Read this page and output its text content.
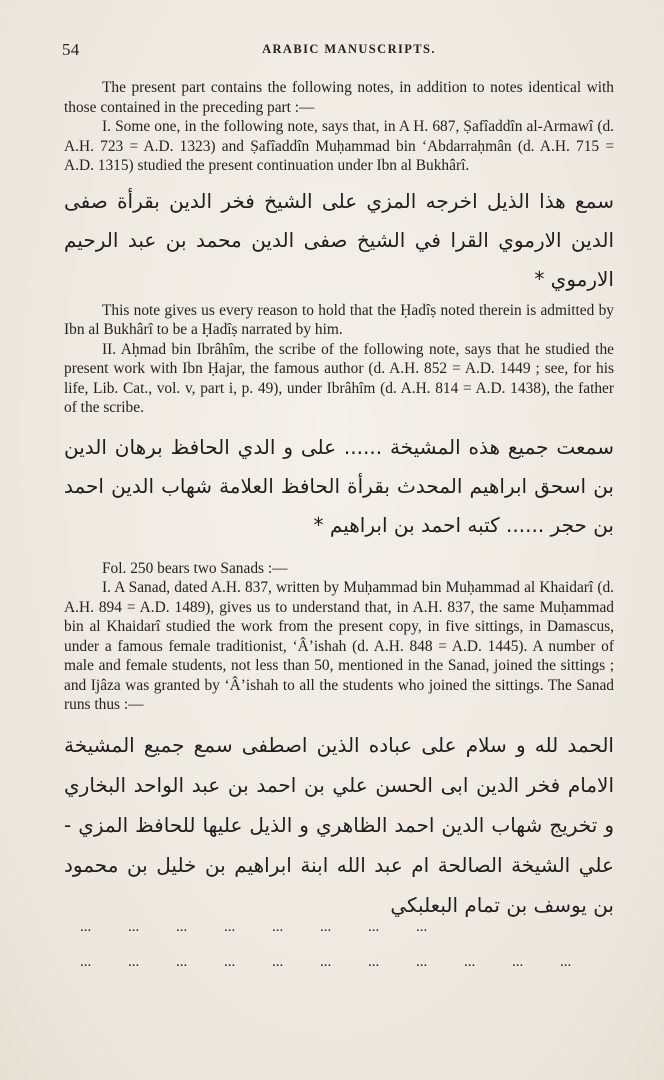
54	ARABIC MANUSCRIPTS.

The present part contains the following notes, in addition to notes identical with those contained in the preceding part :—

I. Some one, in the following note, says that, in A H. 687, Ṣafîaddîn al-Armawî (d. A.H. 723 = A.D. 1323) and Ṣafîaddîn Muḥammad bin ‘Abdarraḥmân (d. A.H. 715 = A.D. 1315) studied the present continuation under Ibn al Bukhârî.

سمع هذا الذيل اخرجه المزي على الشيخ فخر الدين بقرأة صفى الدين الارموي القرا في الشيخ صفى الدين محمد بن عبد الرحيم الارموي *

This note gives us every reason to hold that the Ḥadîṣ noted therein is admitted by Ibn al Bukhârî to be a Ḥadîṣ narrated by him.

II. Aḥmad bin Ibrâhîm, the scribe of the following note, says that he studied the present work with Ibn Ḥajar, the famous author (d. A.H. 852 = A.D. 1449 ; see, for his life, Lib. Cat., vol. v, part i, p. 49), under Ibrâhîm (d. A.H. 814 = A.D. 1438), the father of the scribe.

سمعت جميع هذه المشيخة ...... على و الدي الحافظ برهان الدين بن اسحق ابراهيم المحدث بقرأة الحافظ العلامة شهاب الدين احمد بن حجر ...... كتبه احمد بن ابراهيم *

Fol. 250 bears two Sanads :—

I. A Sanad, dated A.H. 837, written by Muḥammad bin Muḥammad al Khaidarî (d. A.H. 894 = A.D. 1489), gives us to understand that, in A.H. 837, the same Muḥammad bin al Khaidarî studied the work from the present copy, in five sittings, in Damascus, under a famous female traditionist, ‘Â’ishah (d. A.H. 848 = A.D. 1445). A number of male and female students, not less than 50, mentioned in the Sanad, joined the sittings ; and Ijâza was granted by ‘Â’ishah to all the students who joined the sittings. The Sanad runs thus :—

الحمد لله و سلام على عباده الذين اصطفى سمع جميع المشيخة الامام فخر الدين ابى الحسن علي بن احمد بن عبد الواحد البخاري و تخريج شهاب الدين احمد الظاهري و الذيل عليها للحافظ المزي - علي الشيخة الصالحة ام عبد الله ابنة ابراهيم بن خليل بن محمود بن يوسف بن تمام البعلبكي

...	...	...	...	...	...	...	...
...	...	...	...	...	...	...	...	...	...	...
